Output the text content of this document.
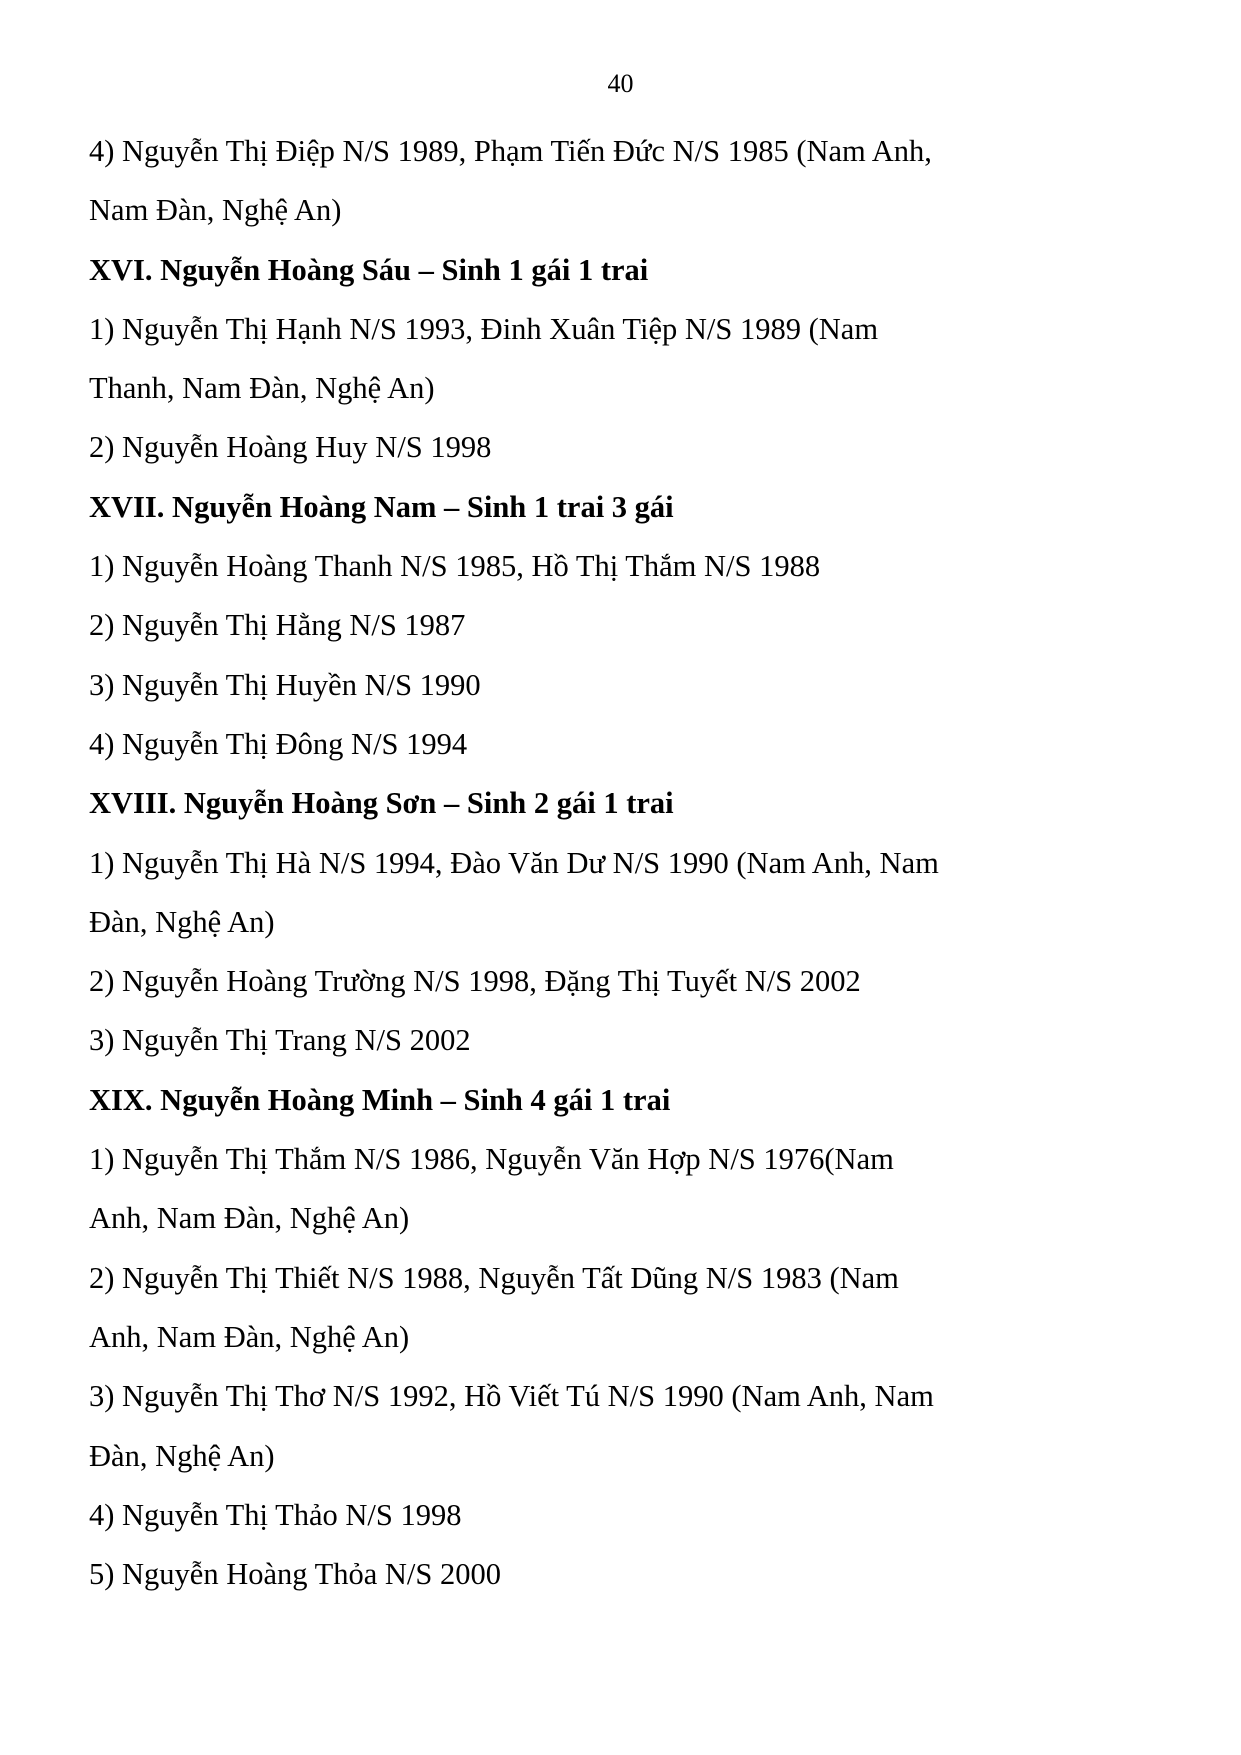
40
4) Nguyễn Thị Điệp N/S 1989, Phạm Tiến Đức N/S 1985 (Nam Anh,
Nam Đàn, Nghệ An)
XVI. Nguyễn Hoàng Sáu – Sinh 1 gái 1 trai
1) Nguyễn Thị Hạnh N/S 1993, Đinh Xuân Tiệp N/S 1989 (Nam
Thanh, Nam Đàn, Nghệ An)
2) Nguyễn Hoàng Huy N/S 1998
XVII. Nguyễn Hoàng Nam – Sinh 1 trai 3 gái
1) Nguyễn Hoàng Thanh N/S 1985, Hồ Thị Thắm N/S 1988
2) Nguyễn Thị Hằng N/S 1987
3) Nguyễn Thị Huyền N/S 1990
4) Nguyễn Thị Đông N/S 1994
XVIII. Nguyễn Hoàng Sơn – Sinh 2 gái 1 trai
1) Nguyễn Thị Hà N/S 1994, Đào Văn Dư N/S 1990 (Nam Anh, Nam
Đàn, Nghệ An)
2) Nguyễn Hoàng Trường N/S 1998, Đặng Thị Tuyết N/S 2002
3) Nguyễn Thị Trang N/S 2002
XIX. Nguyễn Hoàng Minh – Sinh 4 gái 1 trai
1) Nguyễn Thị Thắm N/S 1986, Nguyễn Văn Hợp N/S 1976(Nam
Anh, Nam Đàn, Nghệ An)
2) Nguyễn Thị Thiết N/S 1988, Nguyễn Tất Dũng N/S 1983 (Nam
Anh, Nam Đàn, Nghệ An)
3) Nguyễn Thị Thơ N/S 1992, Hồ Viết Tú N/S 1990 (Nam Anh, Nam
Đàn, Nghệ An)
4) Nguyễn Thị Thảo N/S 1998
5) Nguyễn Hoàng Thỏa N/S 2000
